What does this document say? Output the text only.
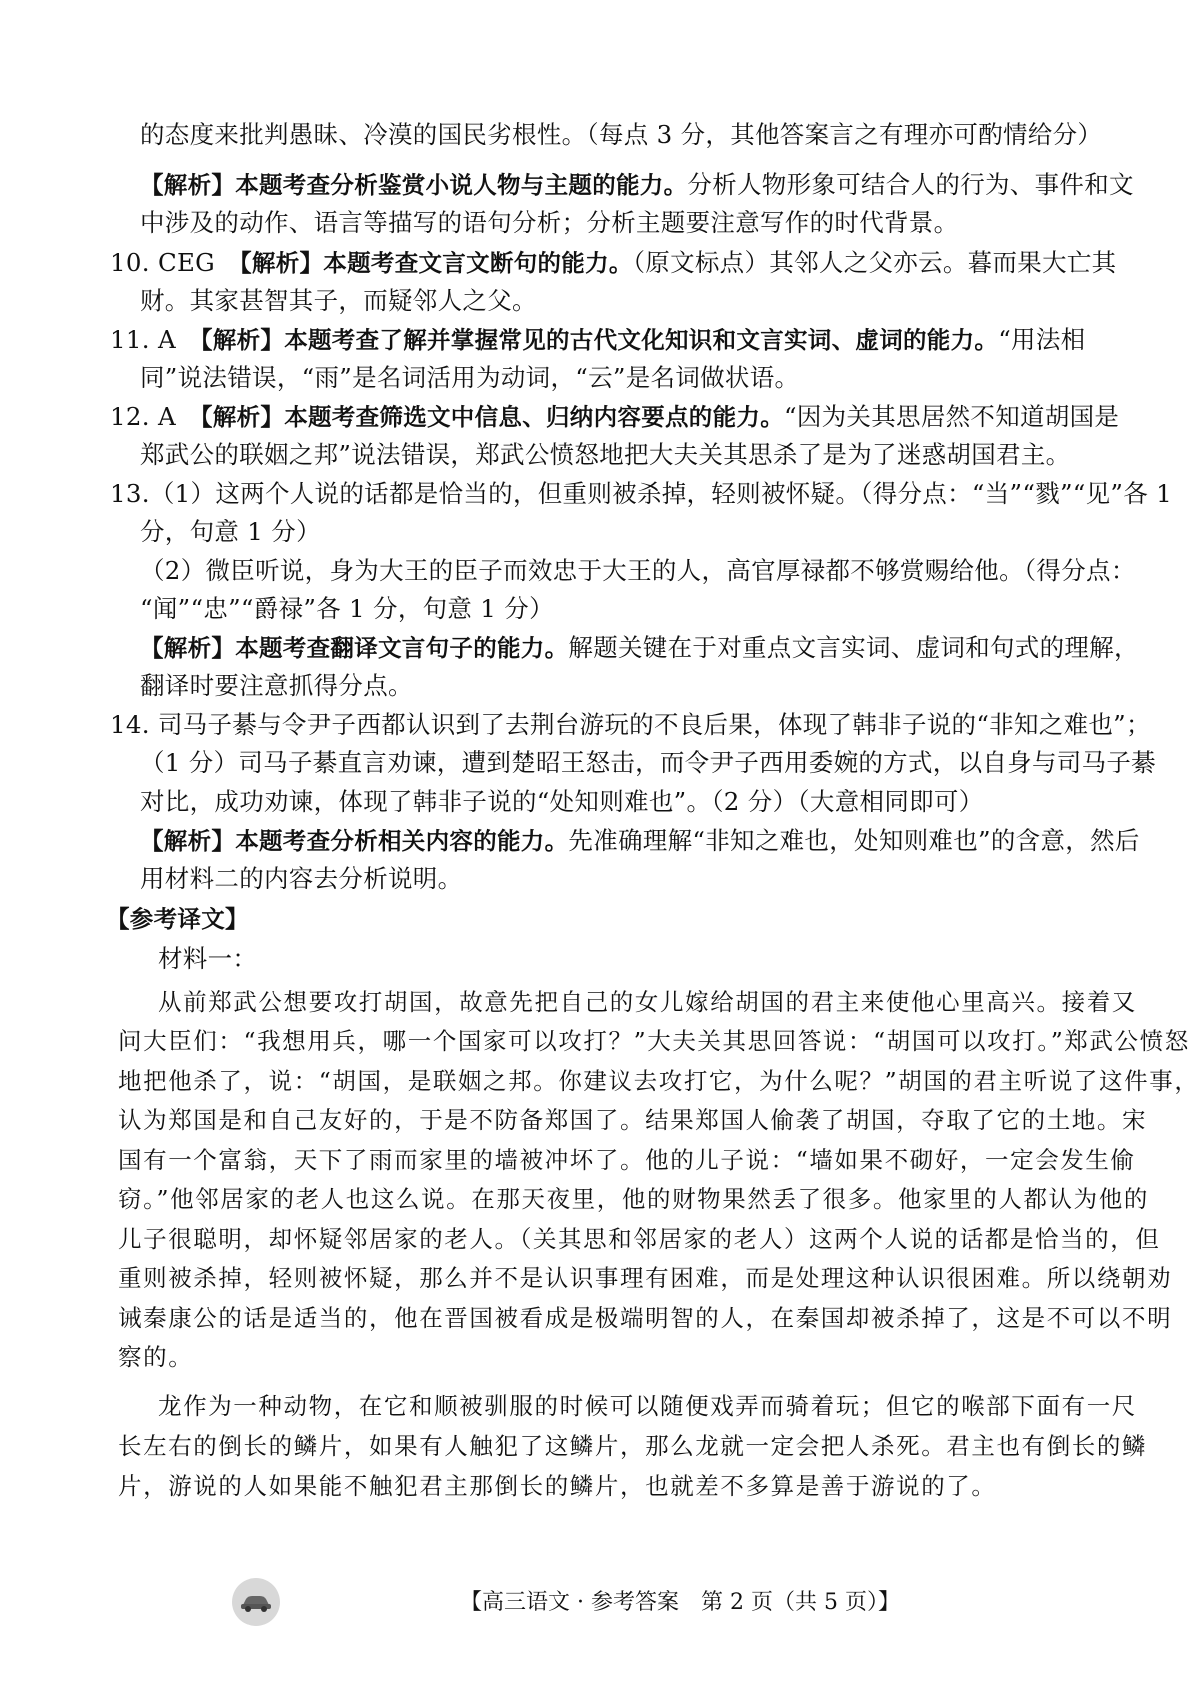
的态度来批判愚昧、冷漠的国民劣根性。（每点 3 分，其他答案言之有理亦可酌情给分）
【解析】本题考查分析鉴赏小说人物与主题的能力。分析人物形象可结合人的行为、事件和文
中涉及的动作、语言等描写的语句分析；分析主题要注意写作的时代背景。
10. CEG　【解析】本题考查文言文断句的能力。（原文标点）其邻人之父亦云。暮而果大亡其
财。其家甚智其子，而疑邻人之父。
11. A　【解析】本题考查了解并掌握常见的古代文化知识和文言实词、虚词的能力。“用法相
同”说法错误，“雨”是名词活用为动词，“云”是名词做状语。
12. A　【解析】本题考查筛选文中信息、归纳内容要点的能力。“因为关其思居然不知道胡国是
郑武公的联姻之邦”说法错误，郑武公愤怒地把大夫关其思杀了是为了迷惑胡国君主。
13.（1）这两个人说的话都是恰当的，但重则被杀掉，轻则被怀疑。（得分点：“当”“戮”“见”各 1
分，句意 1 分）
（2）微臣听说，身为大王的臣子而效忠于大王的人，高官厚禄都不够赏赐给他。（得分点：
“闻”“忠”“爵禄”各 1 分，句意 1 分）
【解析】本题考查翻译文言句子的能力。解题关键在于对重点文言实词、虚词和句式的理解，
翻译时要注意抓得分点。
14. 司马子綦与令尹子西都认识到了去荆台游玩的不良后果，体现了韩非子说的“非知之难也”；
（1 分）司马子綦直言劝谏，遭到楚昭王怒击，而令尹子西用委婉的方式，以自身与司马子綦
对比，成功劝谏，体现了韩非子说的“处知则难也”。（2 分）（大意相同即可）
【解析】本题考查分析相关内容的能力。先准确理解“非知之难也，处知则难也”的含意，然后
用材料二的内容去分析说明。
【参考译文】
材料一：
从前郑武公想要攻打胡国，故意先把自己的女儿嫁给胡国的君主来使他心里高兴。接着又
问大臣们：“我想用兵，哪一个国家可以攻打？”大夫关其思回答说：“胡国可以攻打。”郑武公愤怒
地把他杀了，说：“胡国，是联姻之邦。你建议去攻打它，为什么呢？”胡国的君主听说了这件事，
认为郑国是和自己友好的，于是不防备郑国了。结果郑国人偷袭了胡国，夺取了它的土地。宋
国有一个富翁，天下了雨而家里的墙被冲坏了。他的儿子说：“墙如果不砌好，一定会发生偷
窃。”他邻居家的老人也这么说。在那天夜里，他的财物果然丢了很多。他家里的人都认为他的
儿子很聪明，却怀疑邻居家的老人。（关其思和邻居家的老人）这两个人说的话都是恰当的，但
重则被杀掉，轻则被怀疑，那么并不是认识事理有困难，而是处理这种认识很困难。所以绕朝劝
诫秦康公的话是适当的，他在晋国被看成是极端明智的人，在秦国却被杀掉了，这是不可以不明
察的。
龙作为一种动物，在它和顺被驯服的时候可以随便戏弄而骑着玩；但它的喉部下面有一尺
长左右的倒长的鳞片，如果有人触犯了这鳞片，那么龙就一定会把人杀死。君主也有倒长的鳞
片，游说的人如果能不触犯君主那倒长的鳞片，也就差不多算是善于游说的了。
【高三语文 · 参考答案　第 2 页（共 5 页）】
